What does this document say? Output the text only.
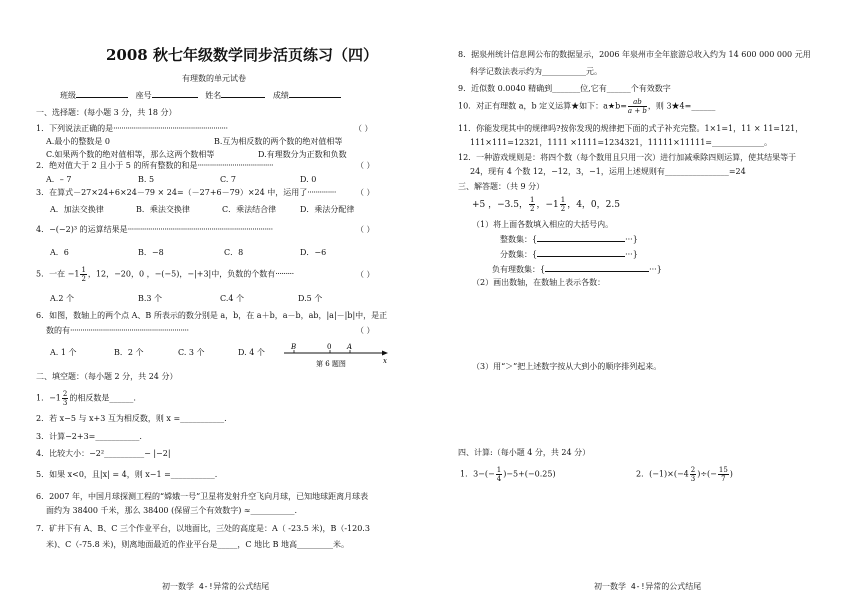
2008 秋七年级数学同步活页练习（四）
有理数的单元试卷
班级	座号	姓名	成绩
一、选择题：(每小题 3 分，共 18 分）
1．下列说法正确的是························································	（ ）
A.最小的整数是 0	B.互为相反数的两个数的绝对值相等
C.如果两个数的绝对值相等，那么这两个数相等	D.有理数分为正数和负数
2．绝对值大于 2 且小于 5 的所有整数的和是·····································	（ ）
A．– 7	B. 5	C. 7	D. 0
3．在算式－27×24+6×24－79 × 24=（－27+6－79）×24 中，运用了··············	（ ）
A．加法交换律	B．乘法交换律	C．乘法结合律	D．乘法分配律
4．−(−2)³ 的运算结果是·······································································	（ ）
A．6	B．−8	C．8	D．−6
5．一在 $-1 \frac{1}{2}$ ，12，−20，0 ，−(−5)，−|+3|中，负数的个数有·········	（ ）
A.2 个	B.3 个	C.4 个	D.5 个
6．如图，数轴上的两个点 A、B 所表示的数分别是 a，b，在 a＋b，a－b，ab，|a|－|b|中，是正
数的有··························································	（ ）
A. 1 个	B．2 个	C. 3 个	D. 4 个
B	0 A
x
第 6 题图
二、填空题：（每小题 2 分，共 24 分）
1．$-1 \frac{2}{3}$ 的相反数是______.
2．若 x−5 与 x+3 互为相反数，则 x =___________.
3．计算−2+3=___________.
4．比较大小：−2²__________− |−2|
5．如果 x<0，且|x| = 4，则 x−1 =___________.
6．2007 年，中国月球探测工程的“嫦娥一号”卫星将发射升空飞向月球，已知地球距离月球表
面约为 38400 千米，那么 38400 (保留三个有效数字) ≈___________.
7．矿井下有 A、B、C 三个作业平台，以地面比，三处的高度是：A（ -23.5 米)，B（-120.3
米)、C（-75.8 米)，则离地面最近的作业平台是_____，C 地比 B 地高_________米。
初一数学 4-!异常的公式结尾
8．据泉州统计信息网公布的数据显示，2006 年泉州市全年旅游总收入约为 14 600 000 000 元用
科学记数法表示约为___________元。
9．近似数 0.0040 精确到_______位,它有______个有效数字
10．对正有理数 a，b 定义运算★如下：a★b= $\frac{ab}{a + b}$ ，则 3★4=______
11．你能发现其中的规律吗?按你发现的规律把下面的式子补充完整。1×1=1，11 × 11=121，
111×111=12321，1111 ×1111=1234321，11111×11111=_____________。
12．一种游戏规则是：将四个数（每个数用且只用一次）进行加减乘除四则运算，使其结果等于
24，现有 4 个数 12，−12，3，−1，运用上述规则有________________=24
三、解答题：（共 9 分）
+5 ，−3.5， $\frac{1}{2}$ ，$-1 \frac{1}{2}$ ，4，0，2.5
（1）将上面各数填入相应的大括号内。
整数集：{	···}
分数集：{	···}
负有理数集：{	···}
（2）画出数轴，在数轴上表示各数：
（3）用“＞”把上述数字按从大到小的顺序排列起来。
四、计算:（每小题 4 分，共 24 分）
1．$3-(- \frac{1}{4} )-5+(-0.25)$	2．$(-1)\times(-4 \frac{2}{3}$ )÷(− $\frac{15}{7}$ )
初一数学 4-!异常的公式结尾
